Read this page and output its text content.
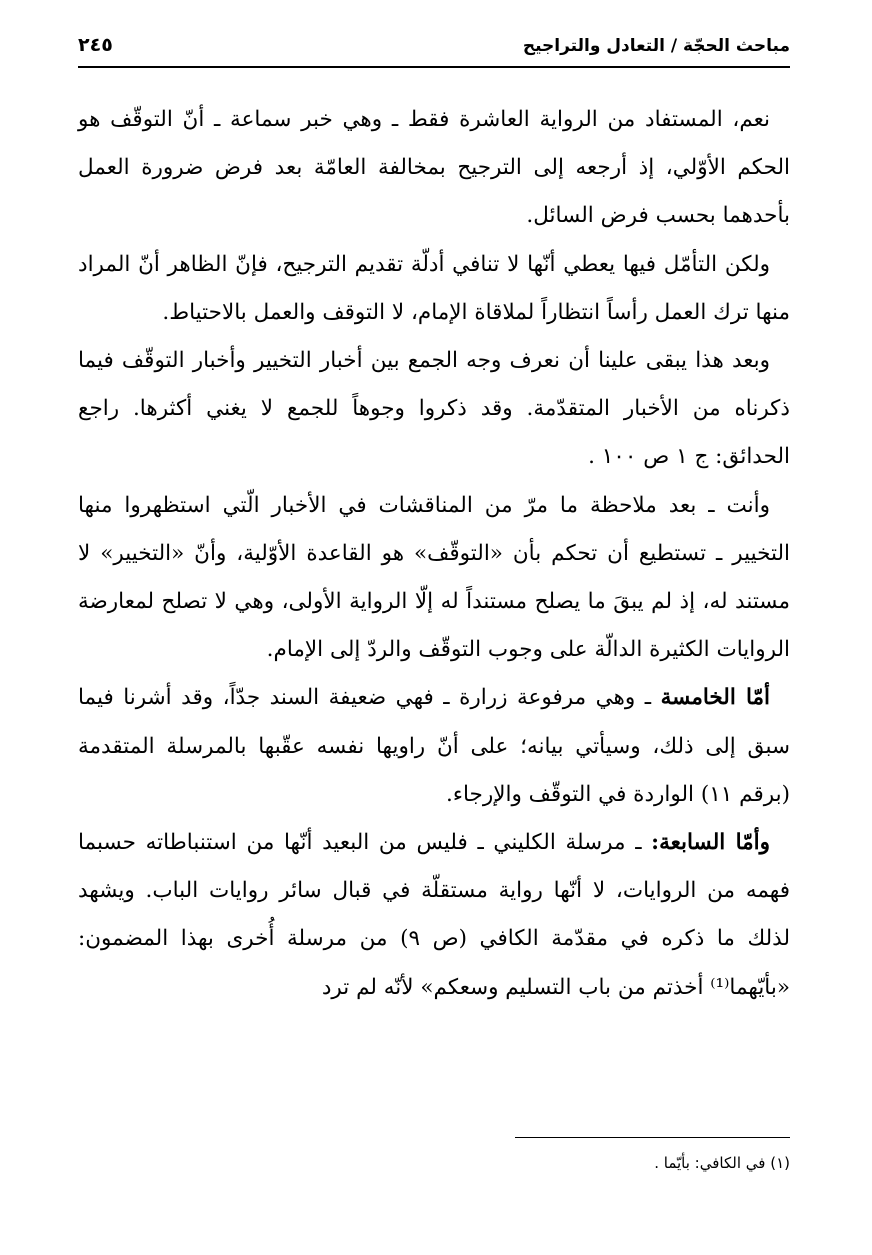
مباحث الحجّة / التعادل والتراجيح
٢٤٥

نعم، المستفاد من الرواية العاشرة فقط ـ وهي خبر سماعة ـ أنّ التوقّف هو الحكم الأوّلي، إذ أرجعه إلى الترجيح بمخالفة العامّة بعد فرض ضرورة العمل بأحدهما بحسب فرض السائل.

ولكن التأمّل فيها يعطي أنّها لا تنافي أدلّة تقديم الترجيح، فإنّ الظاهر أنّ المراد منها ترك العمل رأساً انتظاراً لملاقاة الإمام، لا التوقف والعمل بالاحتياط.

وبعد هذا يبقى علينا أن نعرف وجه الجمع بين أخبار التخيير وأخبار التوقّف فيما ذكرناه من الأخبار المتقدّمة. وقد ذكروا وجوهاً للجمع لا يغني أكثرها. راجع الحدائق: ج ١ ص ١٠٠ .

وأنت ـ بعد ملاحظة ما مرّ من المناقشات في الأخبار الّتي استظهروا منها التخيير ـ تستطيع أن تحكم بأن «التوقّف» هو القاعدة الأوّلية، وأنّ «التخيير» لا مستند له، إذ لم يبقَ ما يصلح مستنداً له إلّا الرواية الأولى، وهي لا تصلح لمعارضة الروايات الكثيرة الدالّة على وجوب التوقّف والردّ إلى الإمام.

أمّا الخامسة ـ وهي مرفوعة زرارة ـ فهي ضعيفة السند جدّاً، وقد أشرنا فيما سبق إلى ذلك، وسيأتي بيانه؛ على أنّ راويها نفسه عقّبها بالمرسلة المتقدمة (برقم ١١) الواردة في التوقّف والإرجاء.

وأمّا السابعة: ـ مرسلة الكليني ـ فليس من البعيد أنّها من استنباطاته حسبما فهمه من الروايات، لا أنّها رواية مستقلّة في قبال سائر روايات الباب. ويشهد لذلك ما ذكره في مقدّمة الكافي (ص ٩) من مرسلة أُخرى بهذا المضمون: «بأيّهما⁽¹⁾ أخذتم من باب التسليم وسعكم» لأنّه لم ترد

(١) في الكافي: بأيّما .
